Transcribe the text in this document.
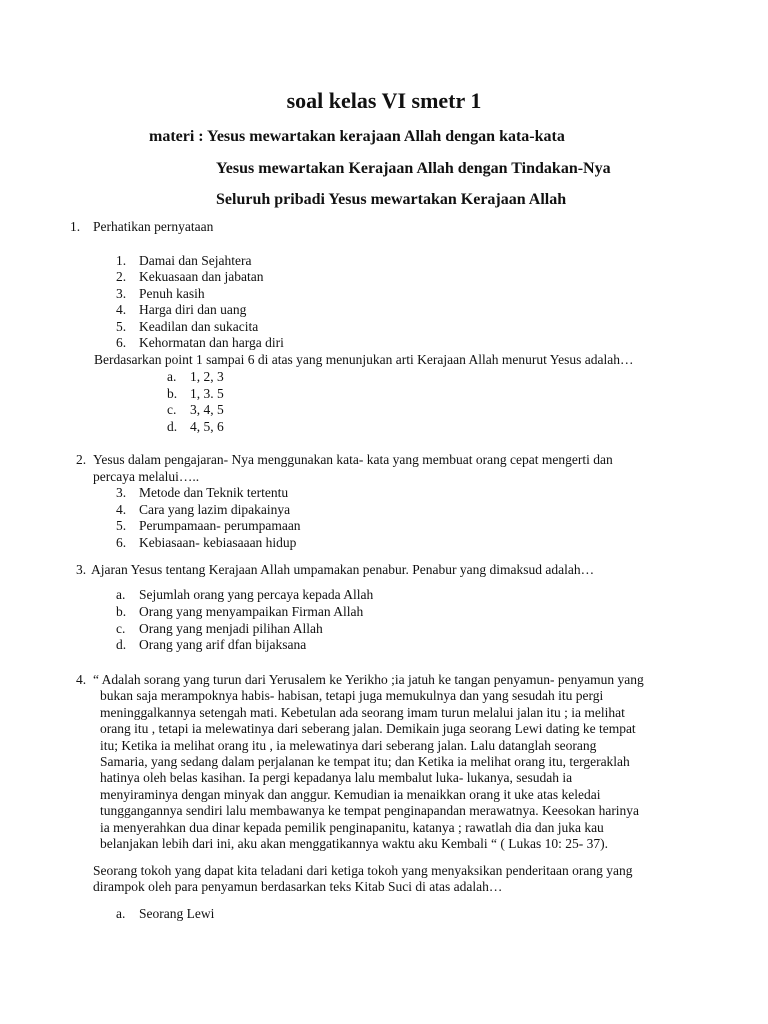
soal kelas VI smetr 1
materi : Yesus mewartakan kerajaan Allah dengan kata-kata
Yesus mewartakan Kerajaan Allah dengan Tindakan-Nya
Seluruh pribadi Yesus mewartakan Kerajaan Allah
1. Perhatikan pernyataan
1. Damai dan Sejahtera
2. Kekuasaan dan jabatan
3. Penuh kasih
4. Harga diri dan uang
5. Keadilan dan sukacita
6. Kehormatan dan harga diri
Berdasarkan point 1 sampai 6 di atas yang menunjukan arti Kerajaan Allah menurut Yesus adalah…
a. 1, 2, 3
b. 1, 3. 5
c. 3, 4, 5
d. 4, 5, 6
2. Yesus dalam pengajaran- Nya menggunakan kata- kata yang membuat orang cepat mengerti dan
percaya melalui…..
3. Metode dan Teknik tertentu
4. Cara yang lazim dipakainya
5. Perumpamaan- perumpamaan
6. Kebiasaan- kebiasaaan hidup
3. Ajaran Yesus tentang Kerajaan Allah umpamakan penabur. Penabur yang dimaksud adalah…
a. Sejumlah orang yang percaya kepada Allah
b. Orang yang menyampaikan Firman Allah
c. Orang yang menjadi pilihan Allah
d. Orang yang arif dfan bijaksana
4. “ Adalah sorang yang turun dari Yerusalem ke Yerikho ;ia jatuh ke tangan penyamun- penyamun yang
bukan saja merampoknya habis- habisan, tetapi juga memukulnya dan yang sesudah itu pergi
meninggalkannya setengah mati. Kebetulan ada seorang imam turun melalui jalan itu ; ia melihat
orang itu , tetapi ia melewatinya dari seberang jalan. Demikain juga seorang Lewi dating ke tempat
itu; Ketika ia melihat orang itu , ia melewatinya dari seberang jalan. Lalu datanglah seorang
Samaria, yang sedang dalam perjalanan ke tempat itu; dan Ketika ia melihat orang itu, tergeraklah
hatinya oleh belas kasihan. Ia pergi kepadanya lalu membalut luka- lukanya, sesudah ia
menyiraminya dengan minyak dan anggur. Kemudian ia menaikkan orang it uke atas keledai
tunggangannya sendiri lalu membawanya ke tempat penginapandan merawatnya. Keesokan harinya
ia menyerahkan dua dinar kepada pemilik penginapanitu, katanya ; rawatlah dia dan juka kau
belanjakan lebih dari ini, aku akan menggatikannya waktu aku Kembali “ ( Lukas 10: 25- 37).
Seorang tokoh yang dapat kita teladani dari ketiga tokoh yang menyaksikan penderitaan orang yang
dirampok oleh para penyamun berdasarkan teks Kitab Suci di atas adalah…
a. Seorang Lewi
